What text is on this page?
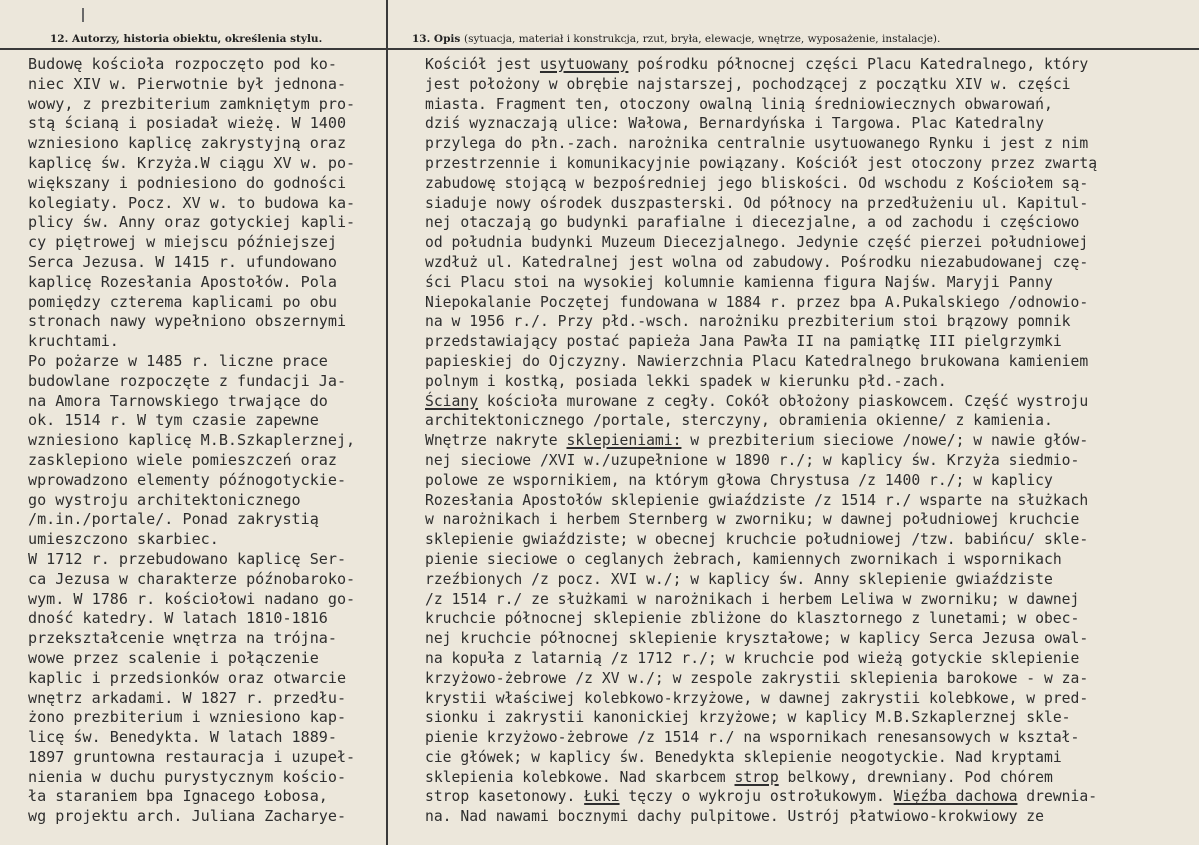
12. Autorzy, historia obiektu, określenia stylu.	13. Opis (sytuacja, materiał i konstrukcja, rzut, bryła, elewacje, wnętrze, wyposażenie, instalacje).
Budowę kościoła rozpoczęto pod ko-
niec XIV w. Pierwotnie był jednona-
wowy, z prezbiterium zamkniętym pro-
stą ścianą i posiadał wieżę. W 1400
wzniesiono kaplicę zakrystyjną oraz
kaplicę św. Krzyża.W ciągu XV w. po-
większany i podniesiono do godności
kolegiaty. Pocz. XV w. to budowa ka-
plicy św. Anny oraz gotyckiej kapli-
cy piętrowej w miejscu późniejszej
Serca Jezusa. W 1415 r. ufundowano
kaplicę Rozesłania Apostołów. Pola
pomiędzy czterema kaplicami po obu
stronach nawy wypełniono obszernymi
kruchtami.
Po pożarze w 1485 r. liczne prace
budowlane rozpoczęte z fundacji Ja-
na Amora Tarnowskiego trwające do
ok. 1514 r. W tym czasie zapewne
wzniesiono kaplicę M.B.Szkaplerznej,
zasklepiono wiele pomieszczeń oraz
wprowadzono elementy późnogotyckie-
go wystroju architektonicznego
/m.in./portale/. Ponad zakrystią
umieszczono skarbiec.
W 1712 r. przebudowano kaplicę Ser-
ca Jezusa w charakterze późnobaroko-
wym. W 1786 r. kościołowi nadano go-
dność katedry. W latach 1810-1816
przekształcenie wnętrza na trójna-
wowe przez scalenie i połączenie
kaplic i przedsionków oraz otwarcie
wnętrz arkadami. W 1827 r. przedłu-
żono prezbiterium i wzniesiono kap-
licę św. Benedykta. W latach 1889-
1897 gruntowna restauracja i uzupeł-
nienia w duchu purystycznym kościo-
ła staraniem bpa Ignacego Łobosa,
wg projektu arch. Juliana Zacharye-
Kościół jest usytuowany pośrodku północnej części Placu Katedralnego, który
jest położony w obrębie najstarszej, pochodzącej z początku XIV w. części
miasta. Fragment ten, otoczony owalną linią średniowiecznych obwarowań,
dziś wyznaczają ulice: Wałowa, Bernardyńska i Targowa. Plac Katedralny
przylega do płn.-zach. narożnika centralnie usytuowanego Rynku i jest z nim
przestrzennie i komunikacyjnie powiązany. Kościół jest otoczony przez zwartą
zabudowę stojącą w bezpośredniej jego bliskości. Od wschodu z Kościołem są-
siaduje nowy ośrodek duszpasterski. Od północy na przedłużeniu ul. Kapitul-
nej otaczają go budynki parafialne i diecezjalne, a od zachodu i częściowo
od południa budynki Muzeum Diecezjalnego. Jedynie część pierzei południowej
wzdłuż ul. Katedralnej jest wolna od zabudowy. Pośrodku niezabudowanej czę-
ści Placu stoi na wysokiej kolumnie kamienna figura Najśw. Maryji Panny
Niepokalanie Poczętej fundowana w 1884 r. przez bpa A.Pukalskiego /odnowio-
na w 1956 r./. Przy płd.-wsch. narożniku prezbiterium stoi brązowy pomnik
przedstawiający postać papieża Jana Pawła II na pamiątkę III pielgrzymki
papieskiej do Ojczyzny. Nawierzchnia Placu Katedralnego brukowana kamieniem
polnym i kostką, posiada lekki spadek w kierunku płd.-zach.
Ściany kościoła murowane z cegły. Cokół obłożony piaskowcem. Część wystroju
architektonicznego /portale, sterczyny, obramienia okienne/ z kamienia.
Wnętrze nakryte sklepieniami: w prezbiterium sieciowe /nowe/; w nawie głów-
nej sieciowe /XVI w./uzupełnione w 1890 r./; w kaplicy św. Krzyża siedmio-
polowe ze wspornikiem, na którym głowa Chrystusa /z 1400 r./; w kaplicy
Rozesłania Apostołów sklepienie gwiaździste /z 1514 r./ wsparte na służkach
w narożnikach i herbem Sternberg w zworniku; w dawnej południowej kruchcie
sklepienie gwiaździste; w obecnej kruchcie południowej /tzw. babińcu/ skle-
pienie sieciowe o ceglanych żebrach, kamiennych zwornikach i wspornikach
rzeźbionych /z pocz. XVI w./; w kaplicy św. Anny sklepienie gwiaździste
/z 1514 r./ ze służkami w narożnikach i herbem Leliwa w zworniku; w dawnej
kruchcie północnej sklepienie zbliżone do klasztornego z lunetami; w obec-
nej kruchcie północnej sklepienie kryształowe; w kaplicy Serca Jezusa owal-
na kopuła z latarnią /z 1712 r./; w kruchcie pod wieżą gotyckie sklepienie
krzyżowo-żebrowe /z XV w./; w zespole zakrystii sklepienia barokowe - w za-
krystii właściwej kolebkowo-krzyżowe, w dawnej zakrystii kolebkowe, w pred-
sionku i zakrystii kanonickiej krzyżowe; w kaplicy M.B.Szkaplerznej skle-
pienie krzyżowo-żebrowe /z 1514 r./ na wspornikach renesansowych w kształ-
cie główek; w kaplicy św. Benedykta sklepienie neogotyckie. Nad kryptami
sklepienia kolebkowe. Nad skarbcem strop belkowy, drewniany. Pod chórem
strop kasetonowy. Łuki tęczy o wykroju ostrołukowym. Więźba dachowa drewnia-
na. Nad nawami bocznymi dachy pulpitowe. Ustrój płatwiowo-krokwiowy ze
